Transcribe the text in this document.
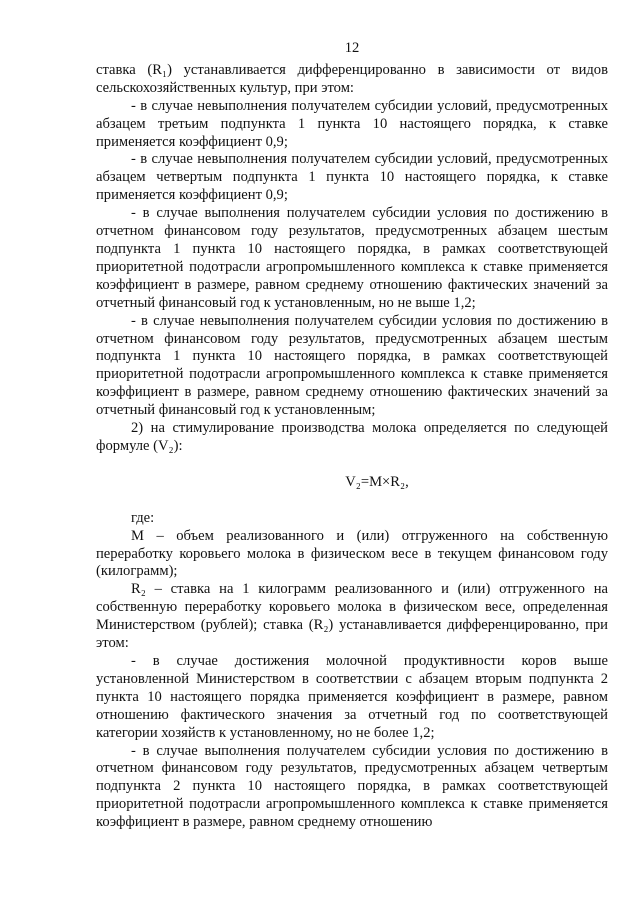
12

ставка (R₁) устанавливается дифференцированно в зависимости от видов сельскохозяйственных культур, при этом:

- в случае невыполнения получателем субсидии условий, предусмотренных абзацем третьим подпункта 1 пункта 10 настоящего порядка, к ставке применяется коэффициент 0,9;

- в случае невыполнения получателем субсидии условий, предусмотренных абзацем четвертым подпункта 1 пункта 10 настоящего порядка, к ставке применяется коэффициент 0,9;

- в случае выполнения получателем субсидии условия по достижению в отчетном финансовом году результатов, предусмотренных абзацем шестым подпункта 1 пункта 10 настоящего порядка, в рамках соответствующей приоритетной подотрасли агропромышленного комплекса к ставке применяется коэффициент в размере, равном среднему отношению фактических значений за отчетный финансовый год к установленным, но не выше 1,2;

- в случае невыполнения получателем субсидии условия по достижению в отчетном финансовом году результатов, предусмотренных абзацем шестым подпункта 1 пункта 10 настоящего порядка, в рамках соответствующей приоритетной подотрасли агропромышленного комплекса к ставке применяется коэффициент в размере, равном среднему отношению фактических значений за отчетный финансовый год к установленным;

2) на стимулирование производства молока определяется по следующей формуле (V₂):

V₂=M×R₂,

где:

М – объем реализованного и (или) отгруженного на собственную переработку коровьего молока в физическом весе в текущем финансовом году (килограмм);

R₂ – ставка на 1 килограмм реализованного и (или) отгруженного на собственную переработку коровьего молока в физическом весе, определенная Министерством (рублей); ставка (R₂) устанавливается дифференцированно, при этом:

- в случае достижения молочной продуктивности коров выше установленной Министерством в соответствии с абзацем вторым подпункта 2 пункта 10 настоящего порядка применяется коэффициент в размере, равном отношению фактического значения за отчетный год по соответствующей категории хозяйств к установленному, но не более 1,2;

- в случае выполнения получателем субсидии условия по достижению в отчетном финансовом году результатов, предусмотренных абзацем четвертым подпункта 2 пункта 10 настоящего порядка, в рамках соответствующей приоритетной подотрасли агропромышленного комплекса к ставке применяется коэффициент в размере, равном среднему отношению
